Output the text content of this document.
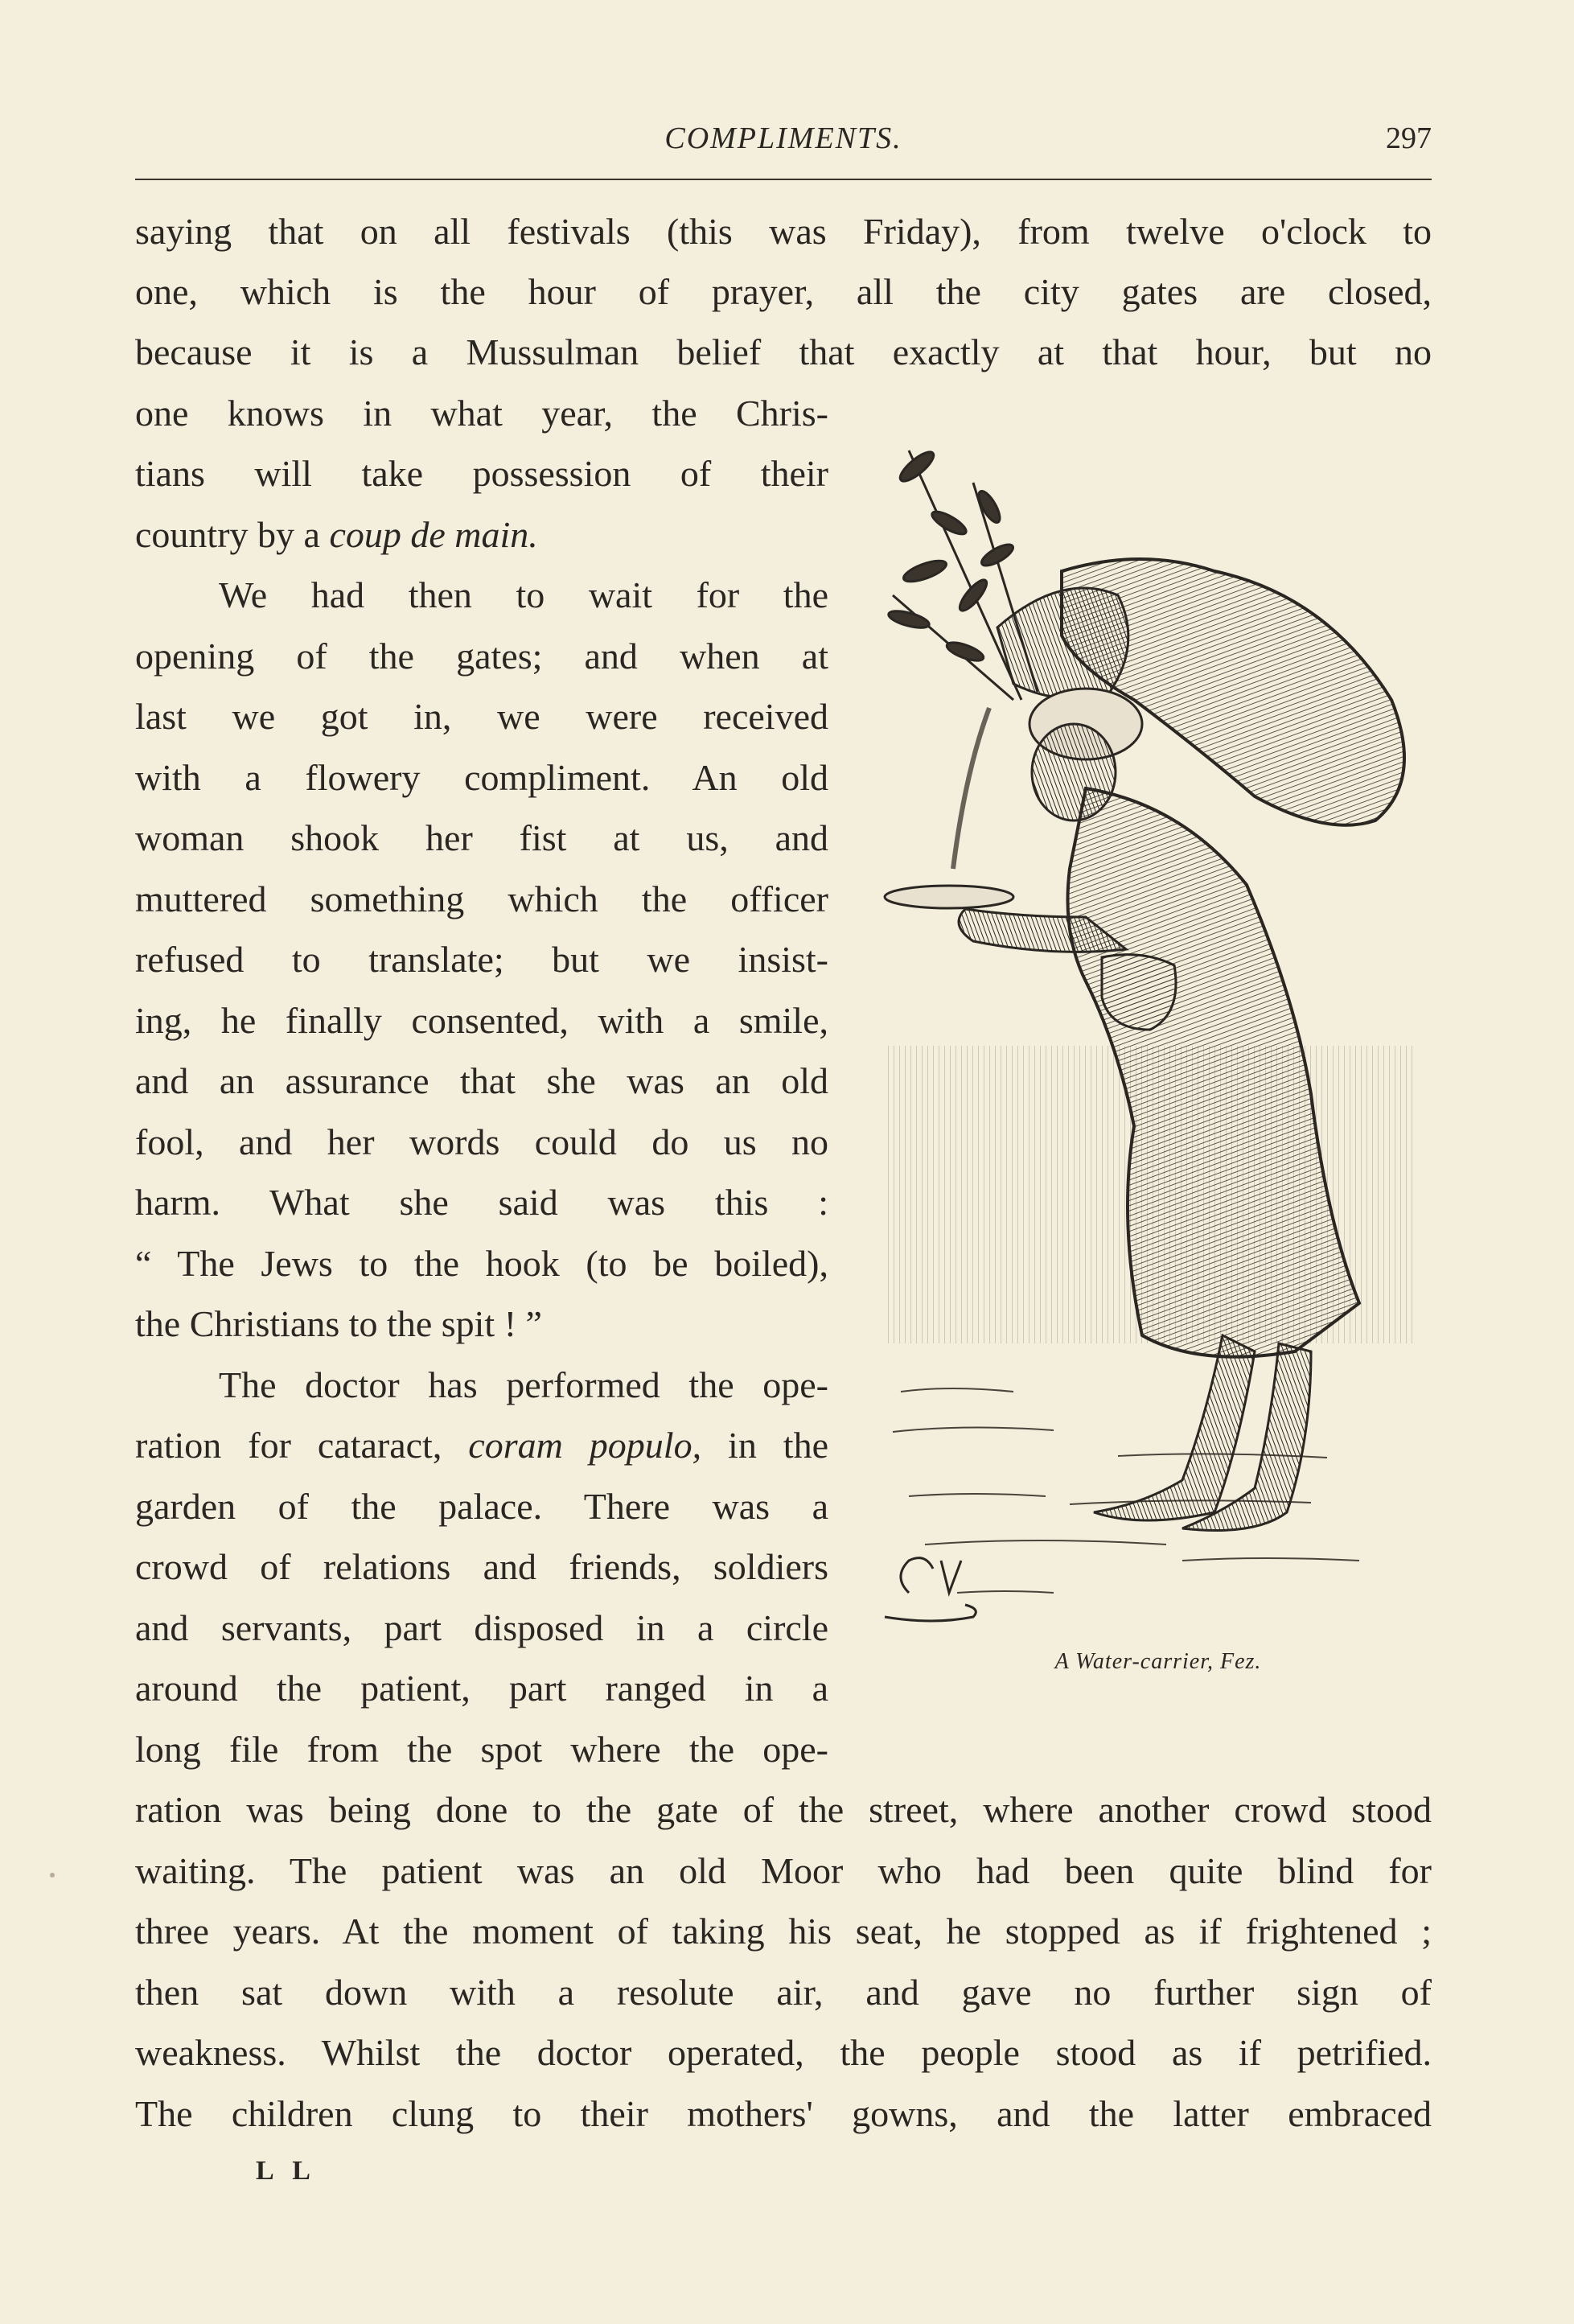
COMPLIMENTS.	297
saying that on all festivals (this was Friday), from twelve o'clock to
one, which is the hour of prayer, all the city gates are closed,
because it is a Mussulman belief that exactly at that hour, but no
one knows in what year, the Chris-
tians will take possession of their
country by a coup de main.
We had then to wait for the
opening of the gates; and when at
last we got in, we were received
with a flowery compliment. An old
woman shook her fist at us, and
muttered something which the officer
refused to translate; but we insist-
ing, he finally consented, with a smile,
and an assurance that she was an old
fool, and her words could do us no
harm. What she said was this :
“ The Jews to the hook (to be boiled),
the Christians to the spit ! ”
The doctor has performed the ope-
ration for cataract, coram populo, in the
garden of the palace. There was a
crowd of relations and friends, soldiers
and servants, part disposed in a circle
around the patient, part ranged in a
long file from the spot where the ope-
ration was being done to the gate of the street, where another crowd stood
waiting. The patient was an old Moor who had been quite blind for
three years. At the moment of taking his seat, he stopped as if frightened ;
then sat down with a resolute air, and gave no further sign of
weakness. Whilst the doctor operated, the people stood as if petrified.
The children clung to their mothers' gowns, and the latter embraced
L L
A Water-carrier, Fez.
